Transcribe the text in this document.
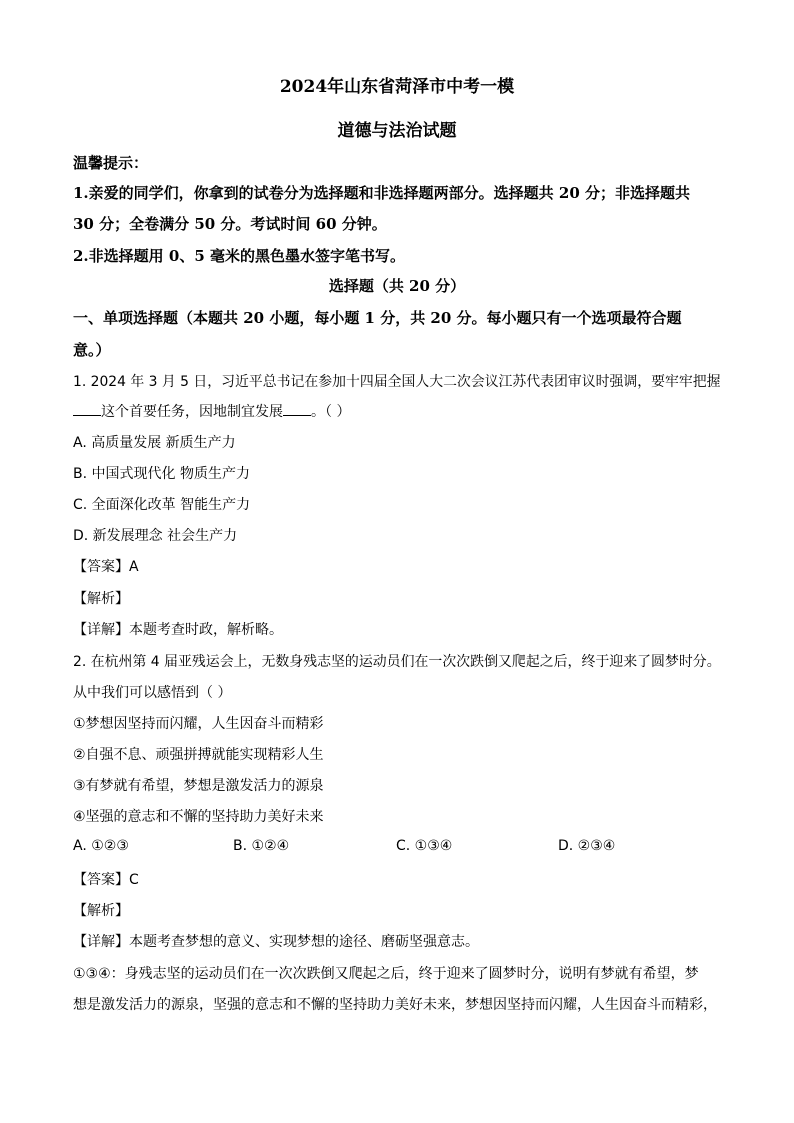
2024年山东省菏泽市中考一模
道德与法治试题
温馨提示：
1.亲爱的同学们，你拿到的试卷分为选择题和非选择题两部分。选择题共 20 分；非选择题共
30 分；全卷满分 50 分。考试时间 60 分钟。
2.非选择题用 0、5 毫米的黑色墨水签字笔书写。
选择题（共 20 分）
一、单项选择题（本题共 20 小题，每小题 1 分，共 20 分。每小题只有一个选项最符合题
意。）
1. 2024 年 3 月 5 日，习近平总书记在参加十四届全国人大二次会议江苏代表团审议时强调，要牢牢把握
这个首要任务，因地制宜发展 。（ ）
A. 高质量发展 新质生产力
B. 中国式现代化 物质生产力
C. 全面深化改革 智能生产力
D. 新发展理念 社会生产力
【答案】A
【解析】
【详解】本题考查时政，解析略。
2. 在杭州第 4 届亚残运会上，无数身残志坚的运动员们在一次次跌倒又爬起之后，终于迎来了圆梦时分。
从中我们可以感悟到（ ）
①梦想因坚持而闪耀，人生因奋斗而精彩
②自强不息、顽强拼搏就能实现精彩人生
③有梦就有希望，梦想是激发活力的源泉
④坚强的意志和不懈的坚持助力美好未来
A. ①②③	B. ①②④	C. ①③④	D. ②③④
【答案】C
【解析】
【详解】本题考查梦想的意义、实现梦想的途径、磨砺坚强意志。
①③④：身残志坚的运动员们在一次次跌倒又爬起之后，终于迎来了圆梦时分，说明有梦就有希望，梦
想是激发活力的源泉，坚强的意志和不懈的坚持助力美好未来，梦想因坚持而闪耀，人生因奋斗而精彩，
